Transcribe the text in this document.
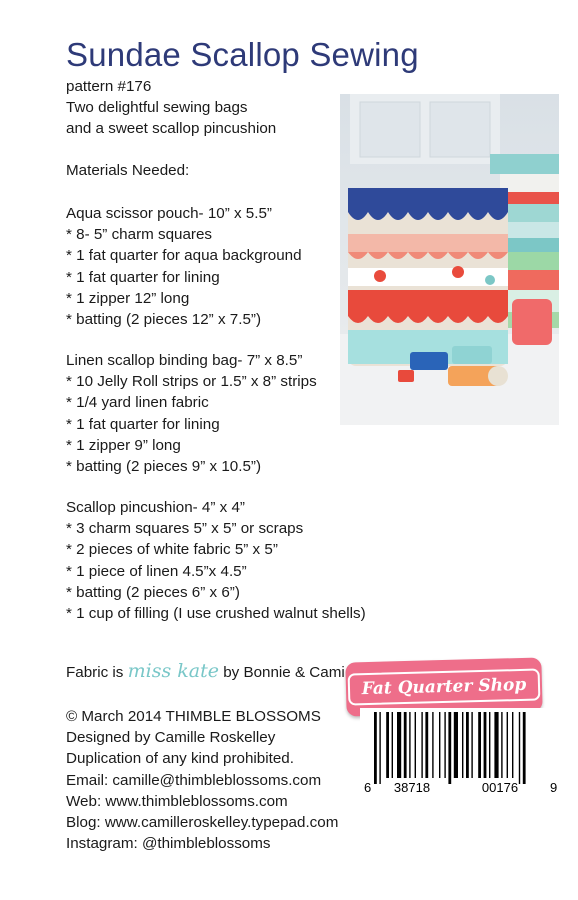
Sundae Scallop Sewing
pattern #176
Two delightful sewing bags
and a sweet scallop pincushion
Materials Needed:
Aqua scissor pouch- 10” x 5.5”
* 8- 5” charm squares
* 1 fat quarter for aqua background
* 1 fat quarter for lining
* 1 zipper 12” long
* batting (2 pieces 12” x 7.5”)
Linen scallop binding bag- 7” x 8.5”
* 10 Jelly Roll strips or 1.5” x 8” strips
* 1/4 yard linen fabric
* 1 fat quarter for lining
* 1 zipper 9” long
* batting (2 pieces 9” x 10.5”)
Scallop pincushion- 4” x 4”
* 3 charm squares 5” x 5” or scraps
* 2 pieces of white fabric 5” x 5”
* 1 piece of linen 4.5”x 4.5”
* batting (2 pieces 6” x 6”)
* 1 cup of filling (I use crushed walnut shells)
Fabric is miss kate by Bonnie & Cami
© March 2014 THIMBLE BLOSSOMS
Designed by Camille Roskelley
Duplication of any kind prohibited.
Email: camille@thimbleblossoms.com
Web: www.thimbleblossoms.com
Blog: www.camilleroskelley.typepad.com
Instagram: @thimbleblossoms
Fat Quarter Shop
6 38718	00176 9
